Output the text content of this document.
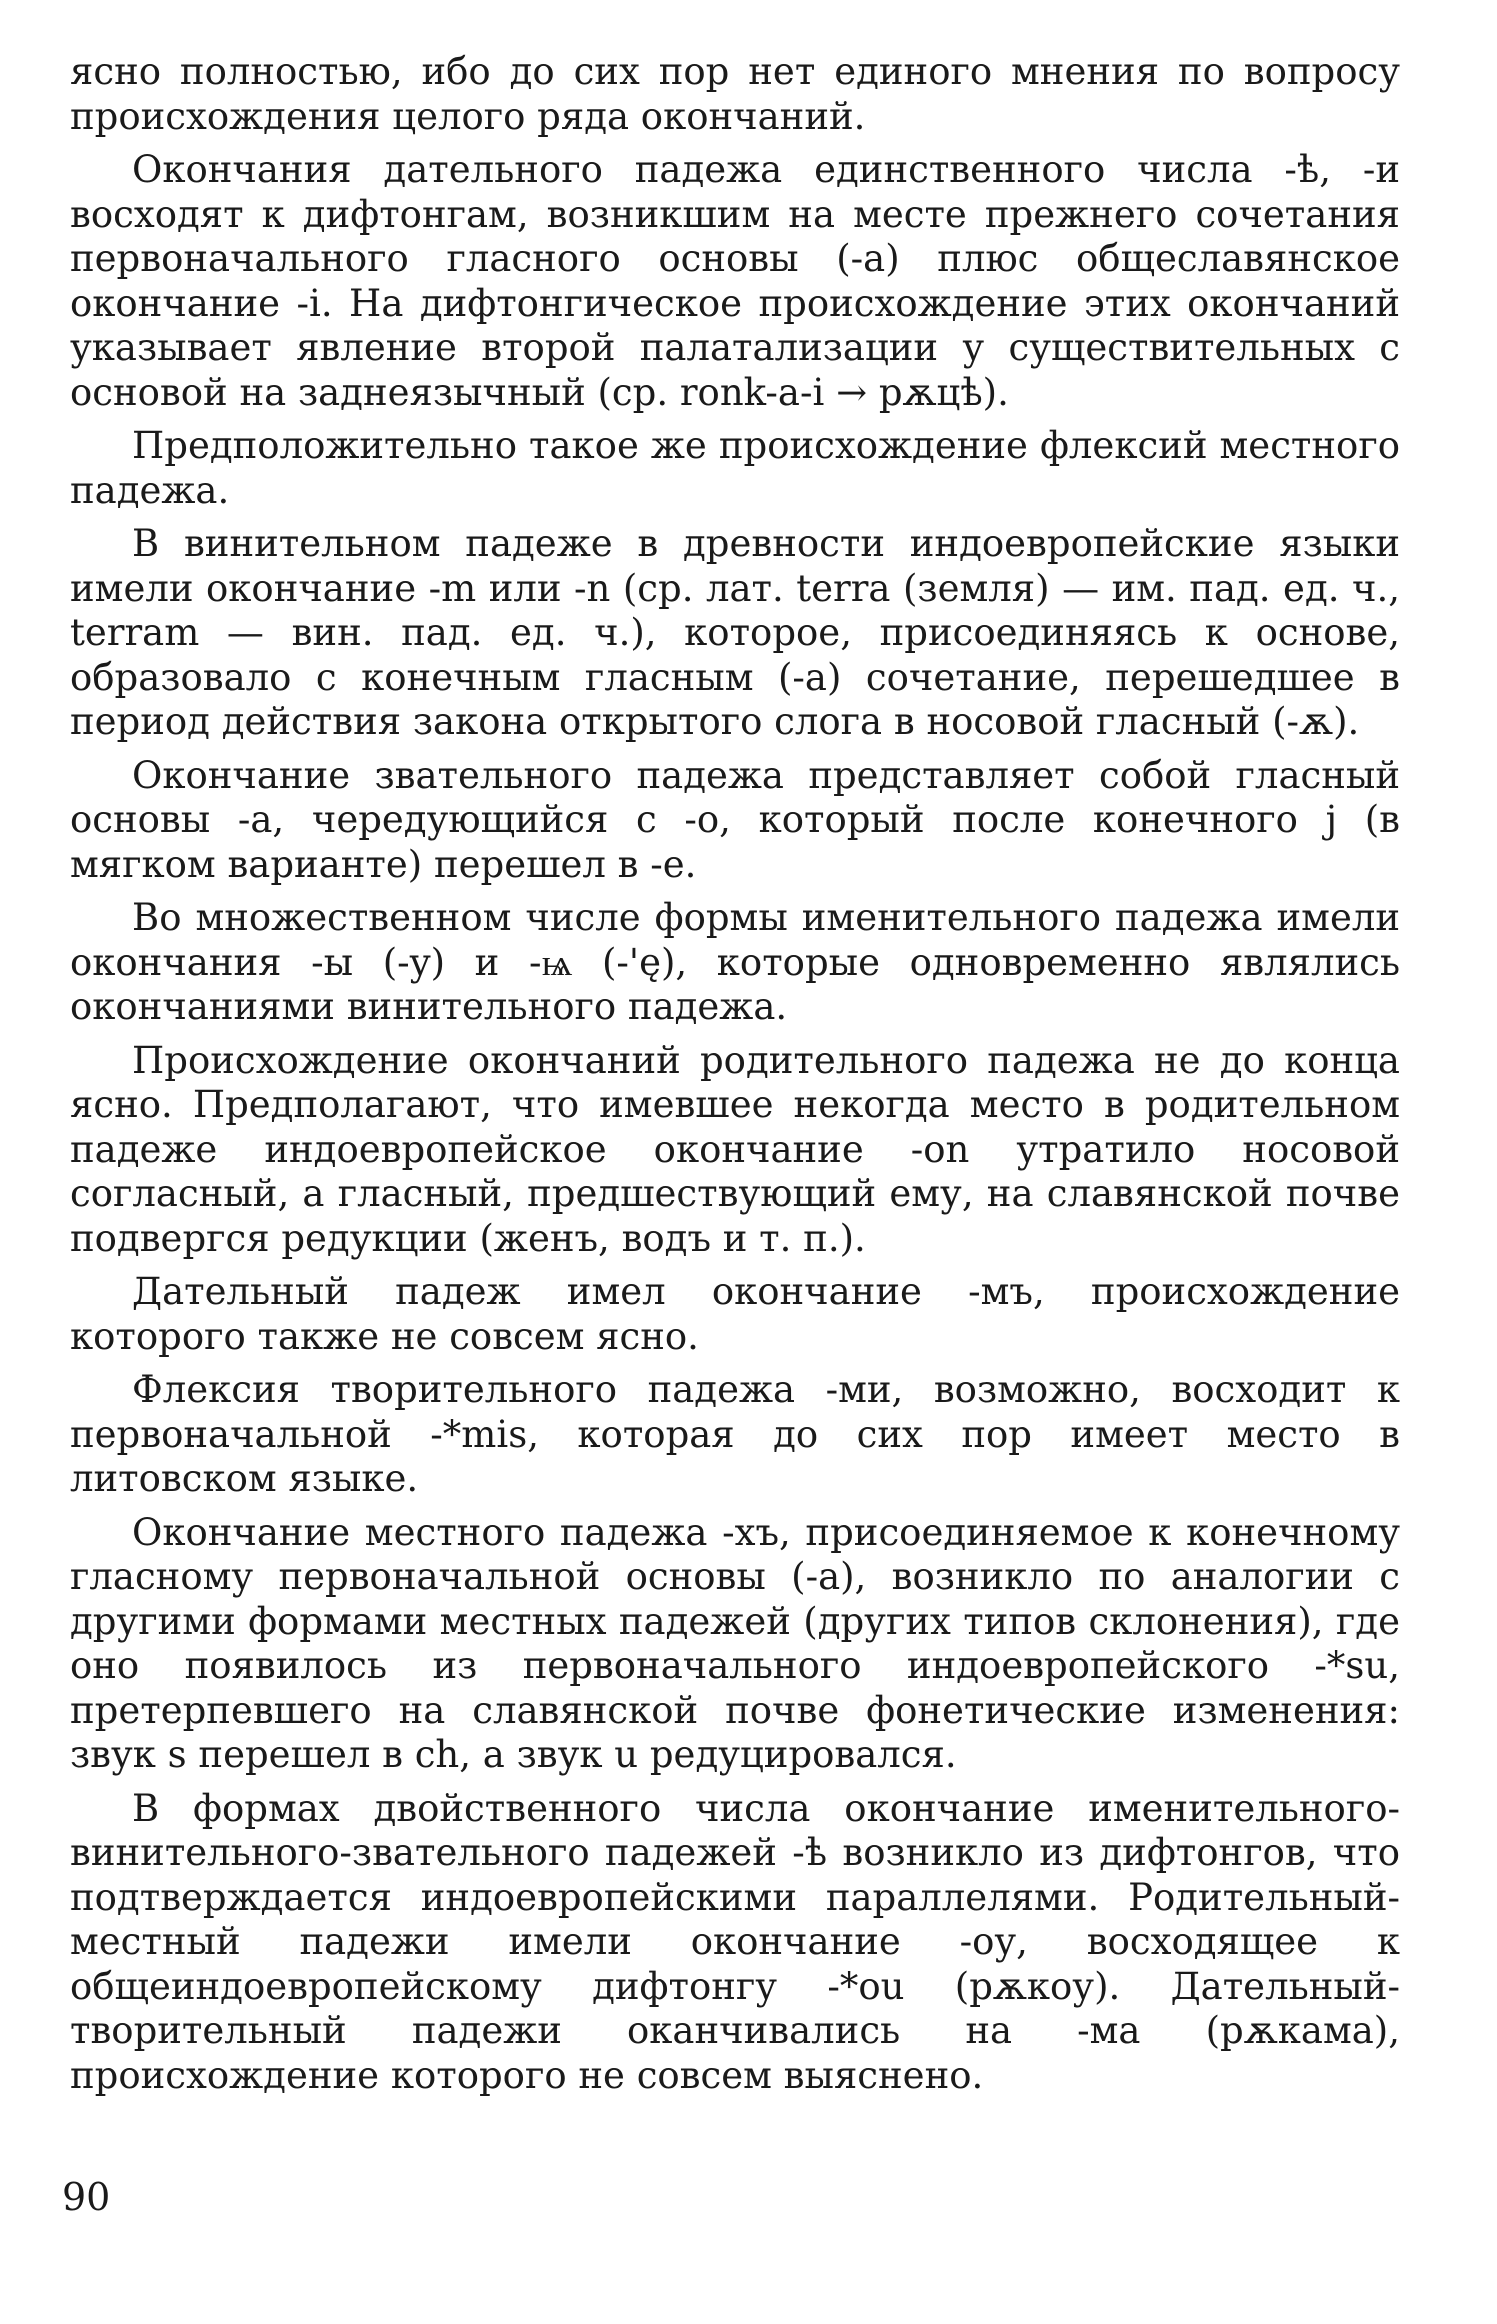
ясно полностью, ибо до сих пор нет единого мнения по вопросу происхождения целого ряда окончаний.

Окончания дательного падежа единственного числа -ѣ, -и восходят к дифтонгам, возникшим на месте прежнего сочетания первоначального гласного основы (-а) плюс общеславянское окончание -i. На дифтонгическое происхождение этих окончаний указывает явление второй палатализации у существительных с основой на заднеязычный (ср. ronk-a-i → рѫцѣ).

Предположительно такое же происхождение флексий местного падежа.

В винительном падеже в древности индоевропейские языки имели окончание -m или -n (ср. лат. terra (земля) — им. пад. ед. ч., terram — вин. пад. ед. ч.), которое, присоединяясь к основе, образовало с конечным гласным (-а) сочетание, перешедшее в период действия закона открытого слога в носовой гласный (-ѫ).

Окончание звательного падежа представляет собой гласный основы -а, чередующийся с -о, который после конечного j (в мягком варианте) перешел в -е.

Во множественном числе формы именительного падежа имели окончания -ы (-y) и -ѩ (-'ę), которые одновременно являлись окончаниями винительного падежа.

Происхождение окончаний родительного падежа не до конца ясно. Предполагают, что имевшее некогда место в родительном падеже индоевропейское окончание -on утратило носовой согласный, а гласный, предшествующий ему, на славянской почве подвергся редукции (женъ, водъ и т. п.).

Дательный падеж имел окончание -мъ, происхождение которого также не совсем ясно.

Флексия творительного падежа -ми, возможно, восходит к первоначальной -*mis, которая до сих пор имеет место в литовском языке.

Окончание местного падежа -хъ, присоединяемое к конечному гласному первоначальной основы (-а), возникло по аналогии с другими формами местных падежей (других типов склонения), где оно появилось из первоначального индоевропейского -*su, претерпевшего на славянской почве фонетические изменения: звук s перешел в ch, а звук u редуцировался.

В формах двойственного числа окончание именительного-винительного-звательного падежей -ѣ возникло из дифтонгов, что подтверждается индоевропейскими параллелями. Родительный-местный падежи имели окончание -оу, восходящее к общеиндоевропейскому дифтонгу -*ou (рѫкоу). Дательный-творительный падежи оканчивались на -ма (рѫкама), происхождение которого не совсем выяснено.

90
